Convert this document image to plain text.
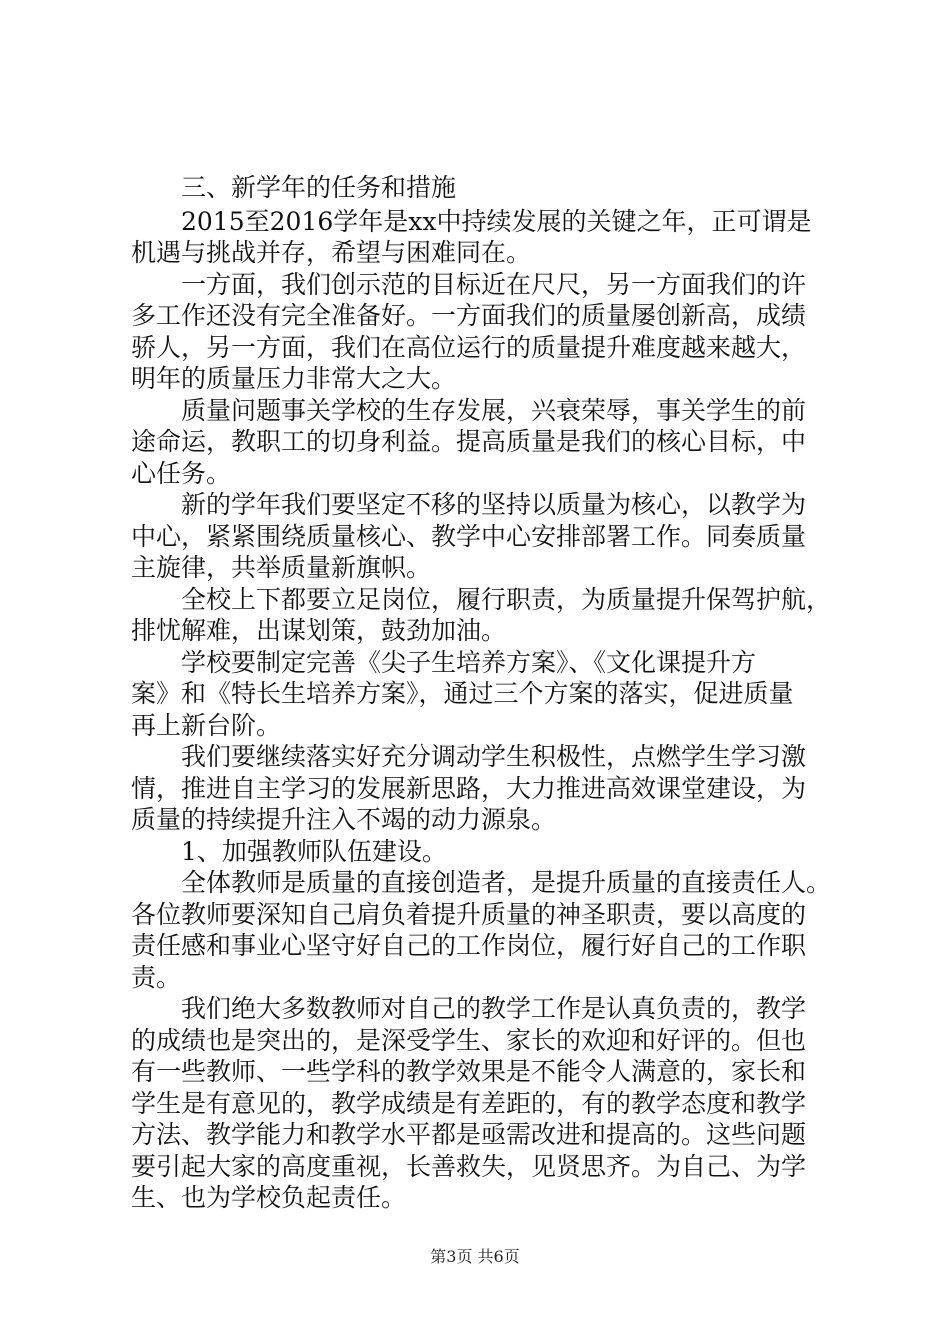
　　三、新学年的任务和措施
　　2015至2016学年是xx中持续发展的关键之年，正可谓是
机遇与挑战并存，希望与困难同在。
　　一方面，我们创示范的目标近在尺尺，另一方面我们的许
多工作还没有完全准备好。一方面我们的质量屡创新高，成绩
骄人，另一方面，我们在高位运行的质量提升难度越来越大，
明年的质量压力非常大之大。
　　质量问题事关学校的生存发展，兴衰荣辱，事关学生的前
途命运，教职工的切身利益。提高质量是我们的核心目标，中
心任务。
　　新的学年我们要坚定不移的坚持以质量为核心，以教学为
中心，紧紧围绕质量核心、教学中心安排部署工作。同奏质量
主旋律，共举质量新旗帜。
　　全校上下都要立足岗位，履行职责，为质量提升保驾护航，
排忧解难，出谋划策，鼓劲加油。
　　学校要制定完善《尖子生培养方案》、《文化课提升方
案》和《特长生培养方案》，通过三个方案的落实，促进质量
再上新台阶。
　　我们要继续落实好充分调动学生积极性，点燃学生学习激
情，推进自主学习的发展新思路，大力推进高效课堂建设，为
质量的持续提升注入不竭的动力源泉。
　　1、加强教师队伍建设。
　　全体教师是质量的直接创造者，是提升质量的直接责任人。
各位教师要深知自己肩负着提升质量的神圣职责，要以高度的
责任感和事业心坚守好自己的工作岗位，履行好自己的工作职
责。
　　我们绝大多数教师对自己的教学工作是认真负责的，教学
的成绩也是突出的，是深受学生、家长的欢迎和好评的。但也
有一些教师、一些学科的教学效果是不能令人满意的，家长和
学生是有意见的，教学成绩是有差距的，有的教学态度和教学
方法、教学能力和教学水平都是亟需改进和提高的。这些问题
要引起大家的高度重视，长善救失，见贤思齐。为自己、为学
生、也为学校负起责任。
第3页 共6页
